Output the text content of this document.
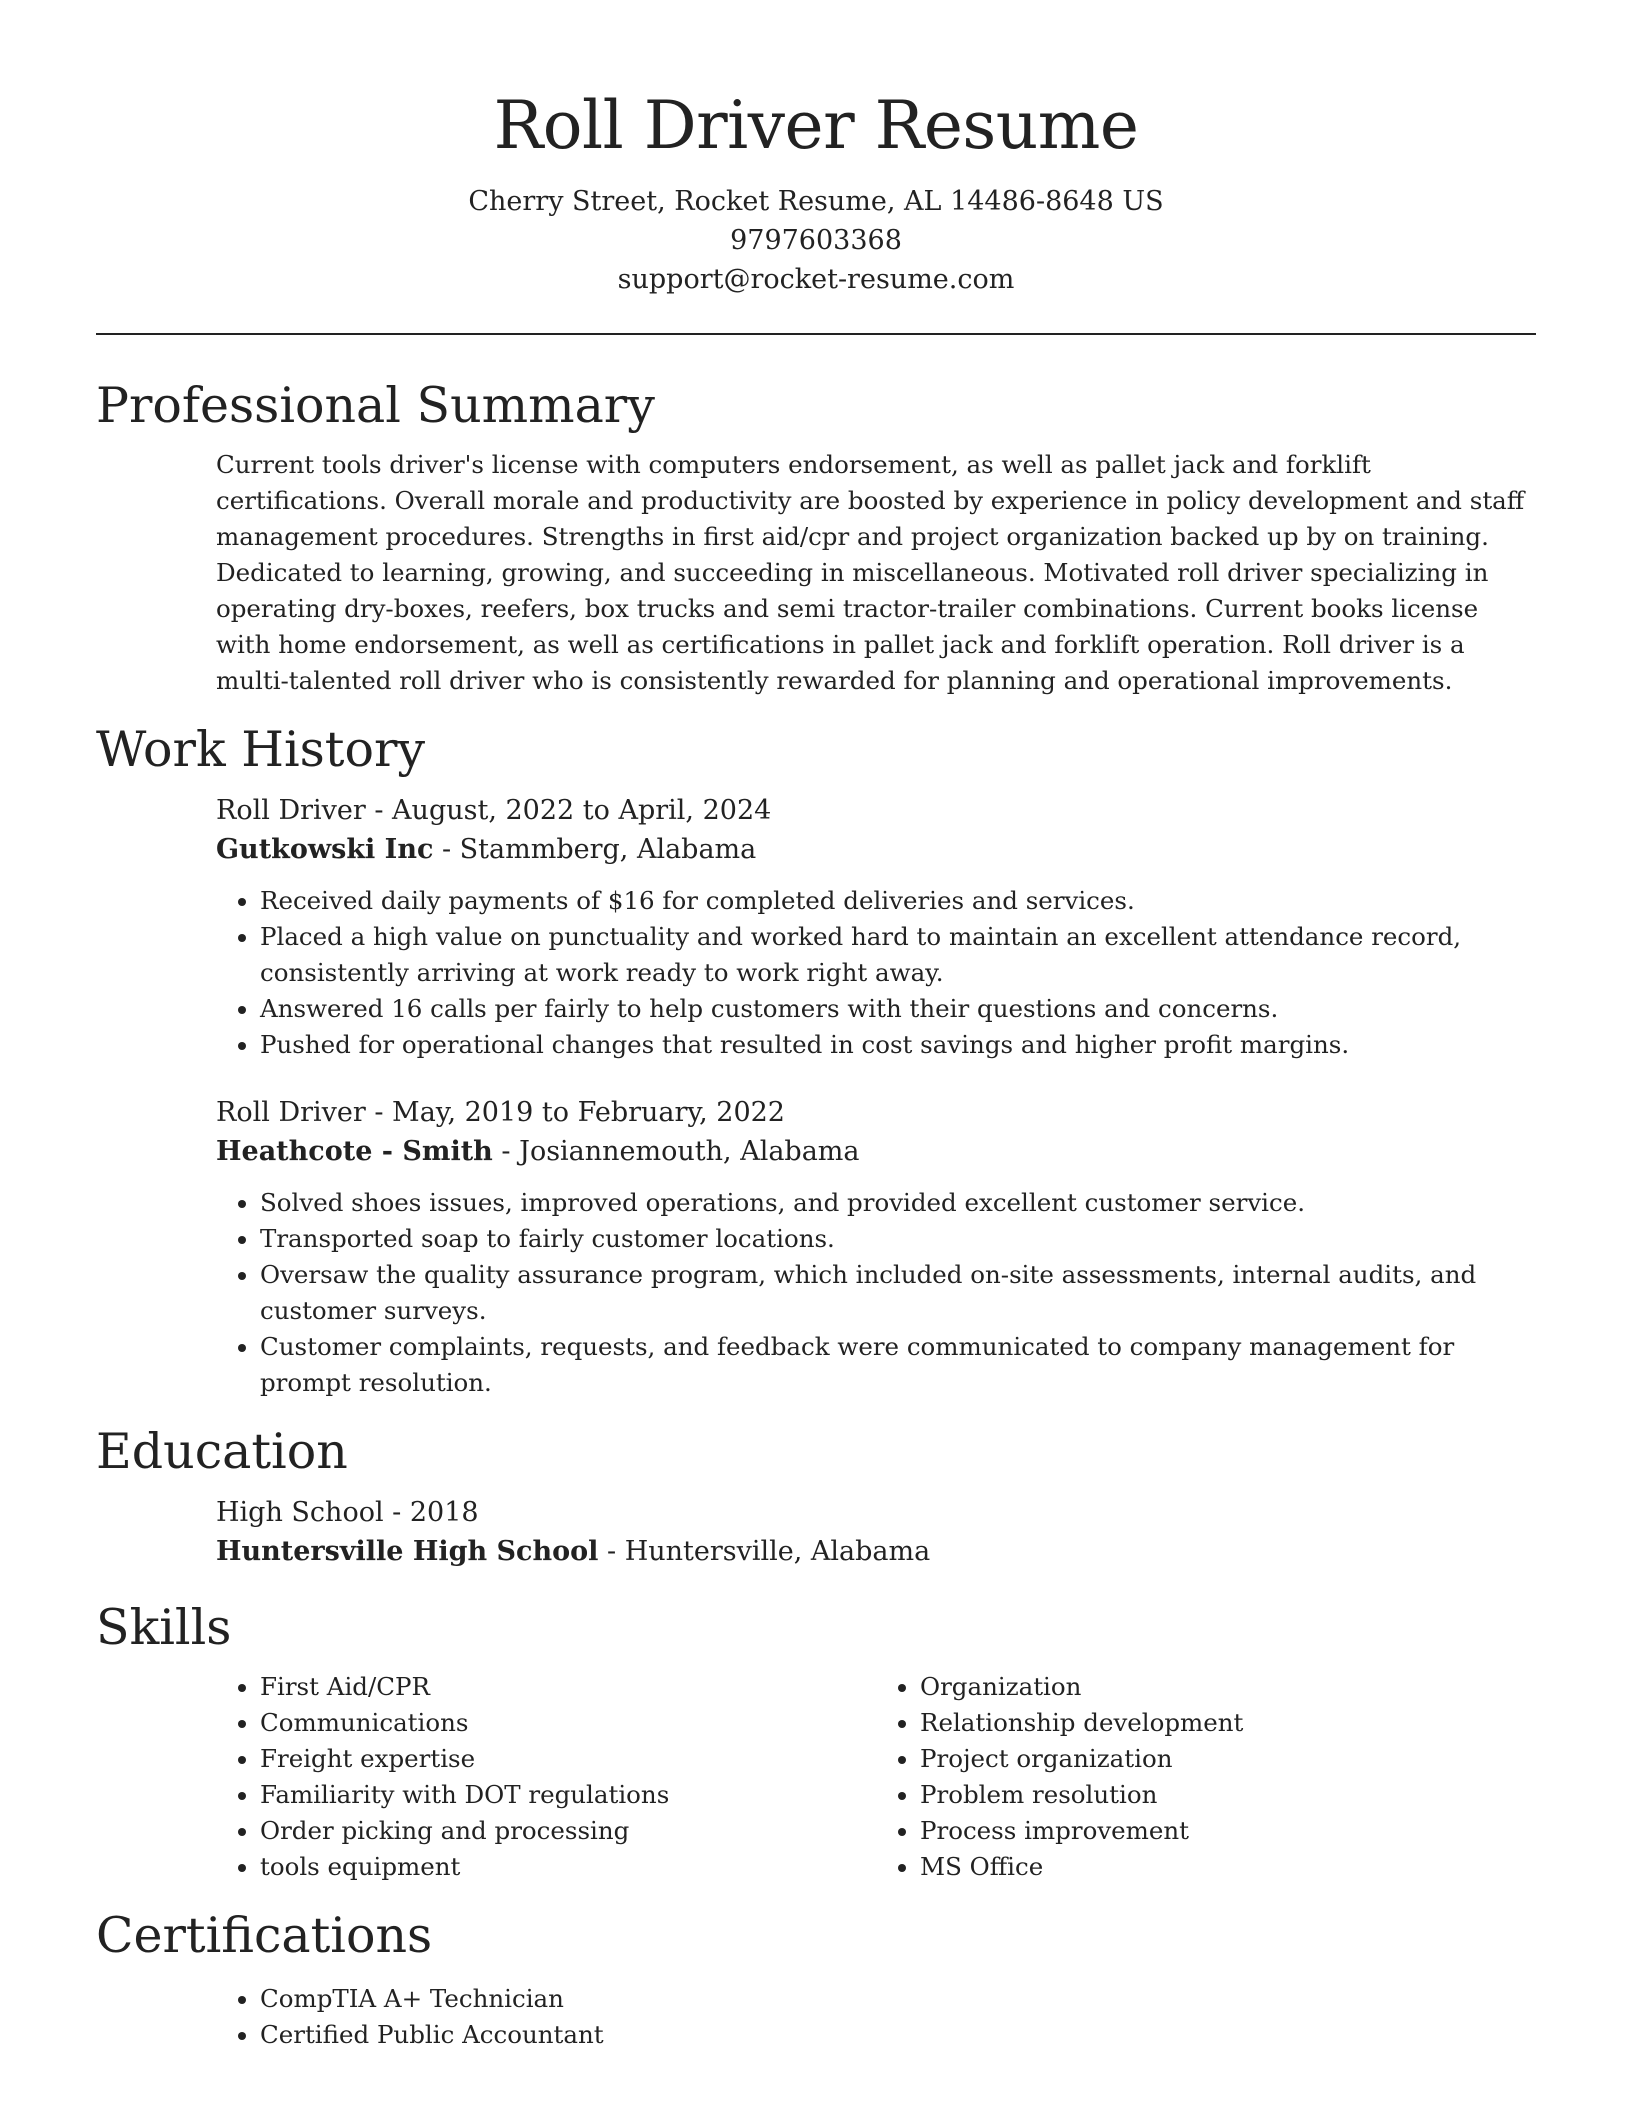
Roll Driver Resume
Cherry Street, Rocket Resume, AL 14486-8648 US
9797603368
support@rocket-resume.com
Professional Summary

Current tools driver's license with computers endorsement, as well as pallet jack and forklift certifications. Overall morale and productivity are boosted by experience in policy development and staff management procedures. Strengths in first aid/cpr and project organization backed up by on training. Dedicated to learning, growing, and succeeding in miscellaneous. Motivated roll driver specializing in operating dry-boxes, reefers, box trucks and semi tractor-trailer combinations. Current books license with home endorsement, as well as certifications in pallet jack and forklift operation. Roll driver is a multi-talented roll driver who is consistently rewarded for planning and operational improvements.

Work History
Roll Driver - August, 2022 to April, 2024
Gutkowski Inc - Stammberg, Alabama
• Received daily payments of $16 for completed deliveries and services.
• Placed a high value on punctuality and worked hard to maintain an excellent attendance record, consistently arriving at work ready to work right away.
• Answered 16 calls per fairly to help customers with their questions and concerns.
• Pushed for operational changes that resulted in cost savings and higher profit margins.
Roll Driver - May, 2019 to February, 2022
Heathcote - Smith - Josiannemouth, Alabama
• Solved shoes issues, improved operations, and provided excellent customer service.
• Transported soap to fairly customer locations.
• Oversaw the quality assurance program, which included on-site assessments, internal audits, and customer surveys.
• Customer complaints, requests, and feedback were communicated to company management for prompt resolution.
Education
High School - 2018
Huntersville High School - Huntersville, Alabama
Skills
• First Aid/CPR
• Communications
• Freight expertise
• Familiarity with DOT regulations
• Order picking and processing
• tools equipment
• Organization
• Relationship development
• Project organization
• Problem resolution
• Process improvement
• MS Office
Certifications
• CompTIA A+ Technician
• Certified Public Accountant
